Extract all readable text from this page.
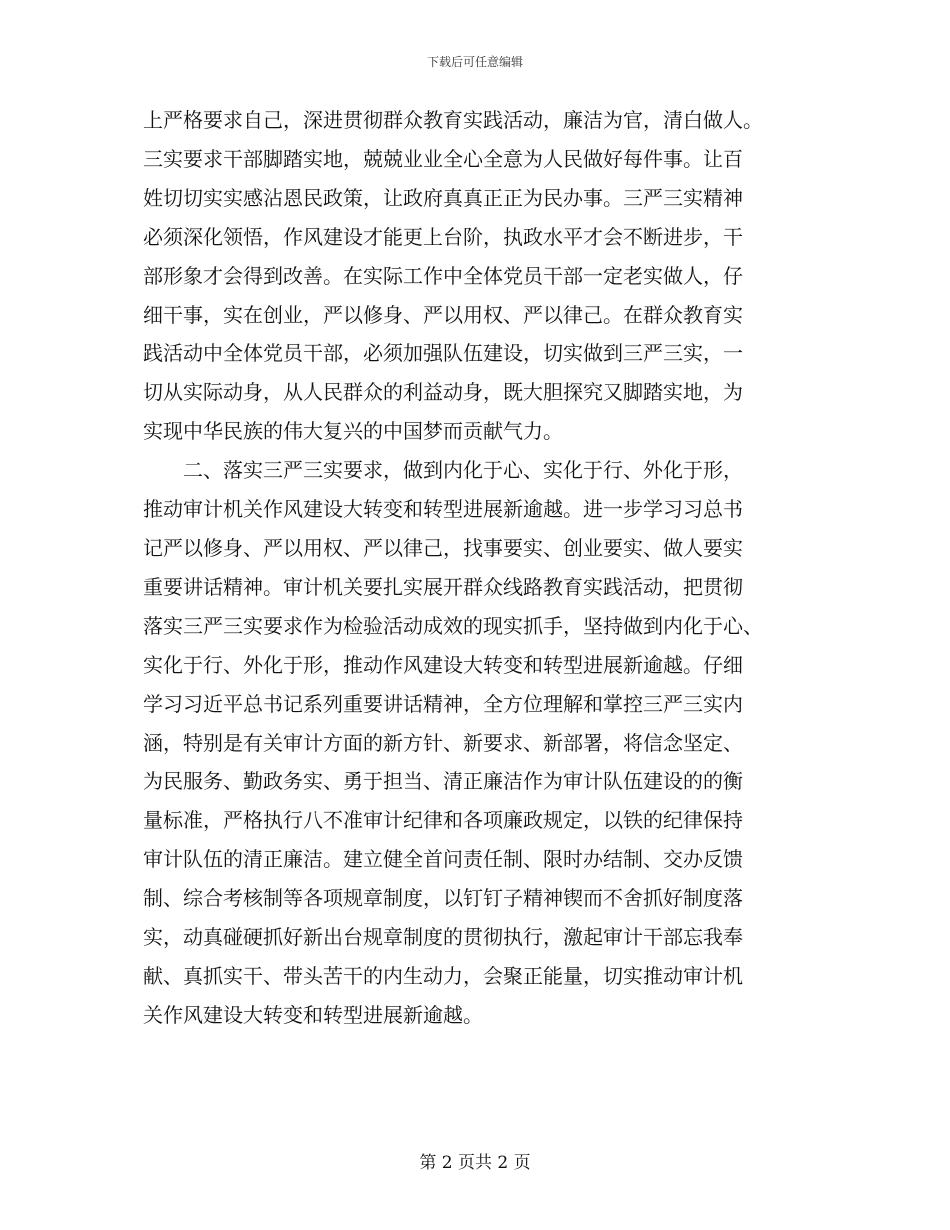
下载后可任意编辑

上严格要求自己，深进贯彻群众教育实践活动，廉洁为官，清白做人。

三实要求干部脚踏实地，兢兢业业全心全意为人民做好每件事。让百

姓切切实实感沾恩民政策，让政府真真正正为民办事。三严三实精神

必须深化领悟，作风建设才能更上台阶，执政水平才会不断进步，干

部形象才会得到改善。在实际工作中全体党员干部一定老实做人，仔

细干事，实在创业，严以修身、严以用权、严以律己。在群众教育实

践活动中全体党员干部，必须加强队伍建设，切实做到三严三实，一

切从实际动身，从人民群众的利益动身，既大胆探究又脚踏实地，为

实现中华民族的伟大复兴的中国梦而贡献气力。

　　二、落实三严三实要求，做到内化于心、实化于行、外化于形，

推动审计机关作风建设大转变和转型进展新逾越。进一步学习习总书

记严以修身、严以用权、严以律己，找事要实、创业要实、做人要实

重要讲话精神。审计机关要扎实展开群众线路教育实践活动，把贯彻

落实三严三实要求作为检验活动成效的现实抓手，坚持做到内化于心、

实化于行、外化于形，推动作风建设大转变和转型进展新逾越。仔细

学习习近平总书记系列重要讲话精神，全方位理解和掌控三严三实内

涵，特别是有关审计方面的新方针、新要求、新部署，将信念坚定、

为民服务、勤政务实、勇于担当、清正廉洁作为审计队伍建设的的衡

量标准，严格执行八不准审计纪律和各项廉政规定，以铁的纪律保持

审计队伍的清正廉洁。建立健全首问责任制、限时办结制、交办反馈

制、综合考核制等各项规章制度，以钉钉子精神锲而不舍抓好制度落

实，动真碰硬抓好新出台规章制度的贯彻执行，激起审计干部忘我奉

献、真抓实干、带头苦干的内生动力，会聚正能量，切实推动审计机

关作风建设大转变和转型进展新逾越。

第 2 页共 2 页
